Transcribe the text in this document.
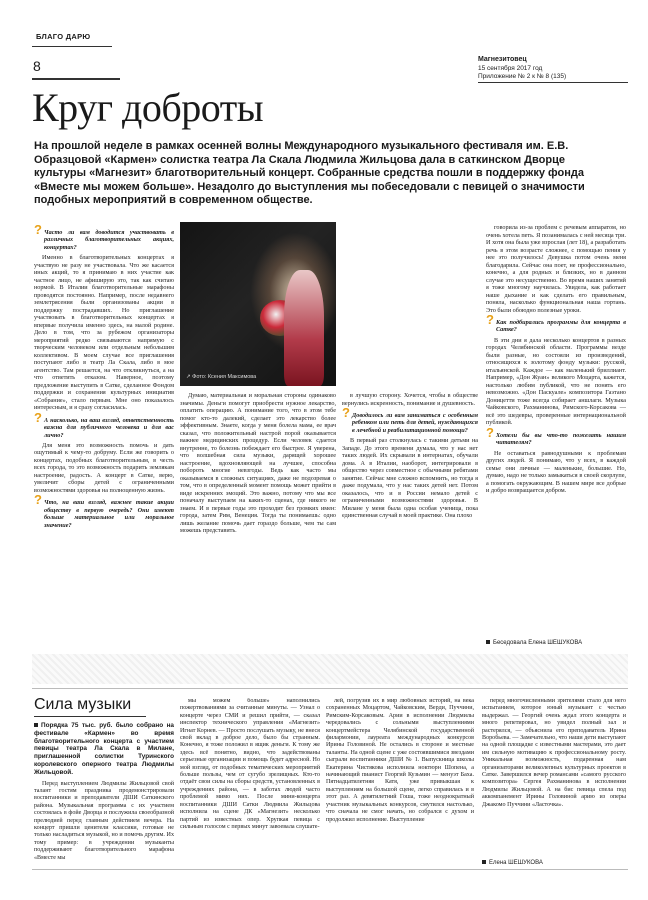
БЛАГО ДАРЮ
8	Магнезитовец
15 сентября 2017 год
Приложение № 2 к № 8 (135)
Круг доброты
На прошлой неделе в рамках осенней волны Международного музыкального фестиваля им. Е.В. Образцовой «Кармен» солистка театра Ла Скала Людмила Жильцова дала в саткинском Дворце культуры «Магнезит» благотворительный концерт. Собранные средства пошли в поддержку фонда «Вместе мы можем больше». Незадолго до выступления мы побеседовали с певицей о значимости подобных мероприятий в современном обществе.
↗ Фото: Ксения Максимова
? Часто ли вам доводится участвовать в различных благотворительных акциях, концертах?

Именно в благотворительных концертах я участвую не разу не участвовала. Что же касается иных акций, то я принимаю в них участие как частное лицо, не афиширую это, так как считаю нормой. В Италии благотворительные марафоны проводятся постоянно. Например, после недавнего землетрясения были организованы акции в поддержку пострадавших. Но приглашение участвовать в благотворительных концертах я впервые получила именно здесь, на малой родине. Дело в том, что за рубежом организаторы мероприятий редко связываются напрямую с творческим человеком или отдельным небольшим коллективом. В моем случае все приглашения поступают либо в театр Ла Скала, либо в мое агентство. Там решается, на что откликнуться, а на что ответить отказом. Наверное, поэтому предложение выступить в Сатке, сделанное Фондом поддержки и сохранения культурных инициатив «Собрание», стало первым. Мне оно показалось интересным, и я сразу согласилась.

? А насколько, на ваш взгляд, ответственность важна для публичного человека и для вас лично?

Для меня это возможность помочь и дать ощутимый к чему-то добруму. Если же говорить о концертах, подобных благотворительным, в честь всех города, то это возможность подарить землякам настроение, радость. А концерт в Сатке, верю, увеличит сборы детей с ограниченными возможностями здоровья на полноценную жизнь.

? Что, на ваш взгляд, важнее такие акции обществу в первую очередь? Они имеют больше материальное или моральное значение?

Думаю, материальная и моральная стороны одинаково значимы. Деньги помогут приобрести нужное лекарство, оплатить операцию. А понимание того, что в этом тебе помог кто-то далекий, сделает это лекарство более эффективным. Знаете, когда у меня болела мама, ее врач сказал, что положительный настрой порой оказывается важнее медицинских процедур. Если человек сдается внутренне, то болезнь побеждает его быстрее. Я уверена, что волшебная сила музыки, дарящей хорошее настроение, вдохновляющей на лучшее, способна побороть многие невзгоды. Ведь как часто мы оказываемся в сложных ситуациях, даже не подозревая о том, что в определенный момент помощь может прийти в виде искренних эмоций. Это важно, потому что мы все поначалу выступаем на каких-то сценах, где никого не знаем. И в первые годы это проходит без громких имен: города, затем Рим, Венеция. Тогда ты понимаешь: одно лишь желание помочь дает гораздо больше, чем ты сам можешь представить.

в лучшую сторону. Хочется, чтобы в обществе вернулись искренность, понимание и душевность.

? Доводилось ли вам заниматься с особенным ребенком или петь для детей, нуждающихся в лечебной и реабилитационной помощи?

В первый раз столкнулась с такими детьми на Западе. До этого времени думала, что у нас нет таких людей. Их скрывали в интернатах, обучали дома. А в Италии, наоборот, интегрировали в общество через совместное с обычными ребятами занятие. Сейчас мне сложно вспомнить, но тогда я даже подумала, что у нас таких детей нет. Потом оказалось, что и в России немало детей с ограниченными возможностями здоровья. В Милане у меня была одна особая ученица, пока единственная случай в моей практике. Она плохо

говорила из-за проблем с речевым аппаратом, но очень хотела петь. Я позанималась с ней месяца три. И хотя она была уже взрослая (лет 18), а разработать речь в этом возрасте сложнее, с помощью пения у нее это получилось! Девушка потом очень меня благодарила. Сейчас она поет, не профессионально, конечно, а для родных и близких, но в данном случае это несущественно. Во время наших занятий я тоже многому научилась. Увидела, как работает наше дыхание и как сделать его правильным, поняла, насколько функциональная наша гортань. Это были обоюдно полезные уроки.

? Как подбирались программы для концерта в Сатке?

В эти дни я дала несколько концертов в разных городах Челябинской области. Программы везде были разные, но состояли из произведений, относящихся к золотому фонду музыки: русской, итальянской. Каждое — как маленький бриллиант. Например, «Дон Жуан» великого Моцарта, кажется, настолько любим публикой, что не понять его невозможно. «Дон Паскуале» композитора Гаэтано Доницетти тоже всегда собирает аншлаги. Музыка Чайковского, Рахманинова, Римского-Корсакова — всё это шедевры, проверенные интернациональной публикой.

? Хотели бы вы что-то пожелать нашим читателям?

Не оставаться равнодушными к проблемам других людей. Я понимаю, что у всех, в каждой семье они личные — маленькие, большие. Но, думаю, надо не только замыкаться в своей скорлупе, а помогать окружающим. В нашем мире все добрые и добро возвращается добром.

Беседовала Елена ШЕШУКОВА
Сила музыки

Порядка 75 тыс. руб. было собрано на фестивале «Кармен» во время благотворительного концерта с участием певицы театра Ла Скала в Милане, приглашенной солистки Туринского королевского оперного театра Людмилы Жильцовой.

Перед выступлением Людмилы Жильцовой свой талант гостям праздника продемонстрировали воспитанники и преподаватели ДШИ Саткинского района. Музыкальная программа с их участием состоялась в фойе Дворца и послужила своеобразной прелюдией перед главным действием вечера. На концерт пришли ценители классики, готовые не только насладиться музыкой, но и помочь другим. Их тому пример: в учреждении музыканты поддерживают благотворительного марафона «Вместе мы

мы можем больше» наполнились пожертвованиями за считанные минуты. — Узнал о концерте через СМИ и решил прийти, — сказал инспектор технического управления «Магнезит» Игнат Корнев. — Просто послушать музыку, не внеся свой вклад в доброе дело, было бы странным. Конечно, я тоже положил в ящик деньги. К тому же здесь всё понятно, видно, что задействованы серьезные организации и помощь будет адресной. Но мой взгляд, от подобных тематических мероприятий больше пользы, чем от сугубо зрелищных. Кто-то отдаёт свои силы на сборы средств, установленных в учреждениях района, — в заботах людей часто проблемой мимо них. После мини-концерта воспитанники ДШИ Сатки Людмила Жильцова исполнила на сцене ДК «Магнезит» несколько партий из известных опер. Хрупкая певица с сильным голосом с первых минут завоевала слушате-

лей, погрузив их в мир любовных историй, на века сохраненных Моцартом, Чайковским, Верди, Пуччини, Римским-Корсаковым. Арии в исполнении Людмилы чередовались с сольными выступлениями концертмейстера Челябинской государственной филармонии, лауреата международных конкурсов Ирины Головиной. Не остались в стороне и местные таланты. На одной сцене с уже состоявшимися звездами сыграли воспитанники ДШИ № 1. Выпускница школы Екатерина Чистякова исполнила ноктюрн Шопена, а начинающий пианист Георгий Кузьмин — менуэт Баха. Пятнадцатилетняя Катя, уже привыкшая к выступлениям на большой сцене, легко справилась и в этот раз. А девятилетний Гоша, тоже неоднократный участник музыкальных конкурсов, смутился настолько, что сначала не смог начать, но собрался с духом и продолжил исполнение. Выступление

перед многочисленными зрителями стало для него испытанием, которое юный музыкант с честью выдержал. — Георгий очень ждал этого концерта и много репетировал, но увидел полный зал и растерялся, — объяснила его преподаватель Ирина Воробьева. — Замечательно, что наши дети выступают на одной площадке с известными мастерами, это дает им сильную мотивацию к профессиональному росту. Уникальная возможность, подаренная нам организаторами великолепных культурных проектов в Сатке. Завершился вечер романсами «самого русского композитора» Сергея Рахманинова в исполнении Людмилы Жильцовой. А на бис певица спела под аккомпанемент Ирины Головиной арию из оперы Джакомо Пуччини «Ласточка».

Елена ШЕШУКОВА
